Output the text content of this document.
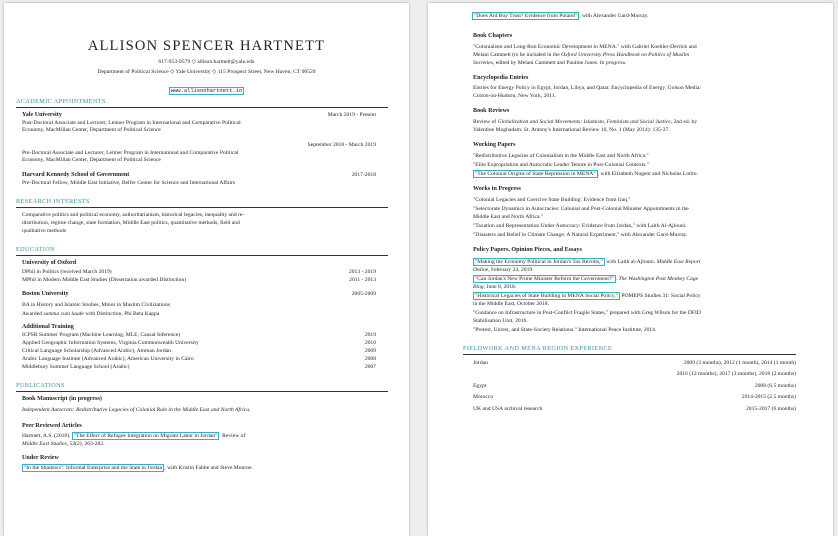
ALLISON SPENCER HARTNETT
617-953-0579 ◇ allison.hartnett@yale.edu
Department of Political Science ◇ Yale University ◇ 115 Prospect Street, New Haven, CT 06520
www.allisonhartnett.io
ACADEMIC APPOINTMENTS
Yale University	March 2019 - Present
Post-Doctoral Associate and Lecturer, Leitner Program in International and Comparative Political
Economy, MacMillan Center, Department of Political Science
September 2018 - March 2019
Pre-Doctoral Associate and Lecturer, Leitner Program in International and Comparative Political
Economy, MacMillan Center, Department of Political Science
Harvard Kennedy School of Government	2017-2018
Pre-Doctoral Fellow, Middle East Initiative, Belfer Center for Science and International Affairs
RESEARCH INTERESTS
Comparative politics and political economy, authoritarianism, historical legacies, inequality and re-
distribution, regime change, state formation, Middle East politics, quantitative methods, field and
qualitative methods
EDUCATION
University of Oxford
DPhil in Politics (received March 2019)	2013 - 2019
MPhil in Modern Middle East Studies (Dissertation awarded Distinction)	2011 - 2013
Boston University	2005-2009
BA in History and Islamic Studies, Minor in Muslim Civilizations
Awarded summa cum laude with Distinction, Phi Beta Kappa
Additional Training
ICPSR Summer Program (Machine Learning, MLE, Causal Inference)	2019
Applied Geographic Information Systems, Virginia Commonwealth University	2010
Critical Language Scholarship (Advanced Arabic), Amman Jordan	2009
Arabic Language Institute (Advanced Arabic), American University in Cairo	2008
Middlebury Summer Language School (Arabic)	2007
PUBLICATIONS
Book Manuscript (in progress)
Independent Autocrats: Redistributive Legacies of Colonial Rule in the Middle East and North Africa.
Peer Reviewed Articles
Hartnett, A.S. (2018). "The Effect of Refugee Integration on Migrant Labor in Jordan" . Review of
Middle East Studies, 52(2), 263-282.
Under Review
"In the Shadows": Informal Enterprise and the State in Jordan , with Kristin Fabbe and Steve Monroe.
"Does Aid Buy Trust? Evidence from Poland" , with Alexander Gard-Murray.
Book Chapters
"Colonialism and Long-Run Economic Development in MENA." with Gabriel Koehler-Derrick and
Melani Cammett (to be included in the Oxford University Press Handbook on Politics of Muslim
Societies, edited by Melani Cammett and Pauline Jones. In progress.
Encyclopedia Entries
Entries for Energy Policy in Egypt, Jordan, Libya, and Qatar. Encyclopedia of Energy. Golson Media:
Croton-on-Hudson, New York, 2011.
Book Reviews
Review of Globalization and Social Movements: Islamism, Feminism and Social Justice, 2nd ed. by
Valentine Moghadam. St. Antony's International Review 10, No. 1 (May 2014): 135-37.
Working Papers
"Redistributive Legacies of Colonialism in the Middle East and North Africa."
"Elite Expropriation and Autocratic Leader Tenure in Post-Colonial Contexts."
"The Colonial Origins of State Repression in MENA" , with Elizabeth Nugent and Nicholas Lotito.
Works in Progress
"Colonial Legacies and Coercive State Building: Evidence from Iraq."
"Selectorate Dynamics in Autocracies: Colonial and Post-Colonial Minister Appointments in the
Middle East and North Africa."
"Taxation and Representation Under Autocracy: Evidence from Jordan," with Laith Al-Ajlouni.
"Disasters and Belief in Climate Change: A Natural Experiment," with Alexander Gard-Murray.
Policy Papers, Opinion Pieces, and Essays
"Making the Economy Political in Jordan's Tax Revolts," with Laith al-Ajlouni. Middle East Report
Online, February 24, 2019.
"Can Jordan's New Prime Minister Reform the Government?" . The Washington Post Monkey Cage
Blog, June 8, 2018.
"Historical Legacies of State Building in MENA Social Policy," POMEPS Studies 31: Social Policy
in the Middle East, October 2018.
"Guidance on Infrastructure in Post-Conflict Fragile States," prepared with Greg Wilson for the DFID
Stabilisation Unit, 2016.
"Protest, Unrest, and State-Society Relations." International Peace Institute, 2014.
FIELDWORK AND MENA REGION EXPERIENCE
Jordan	2009 (3 months), 2012 (1 month), 2014 (1 month)
2016 (12 months), 2017 (3 months), 2018 (2 months)
Egypt	2008 (6.5 months)
Morocco	2014-2015 (2.5 months)
UK and USA archival research	2015-2017 (6 months)
